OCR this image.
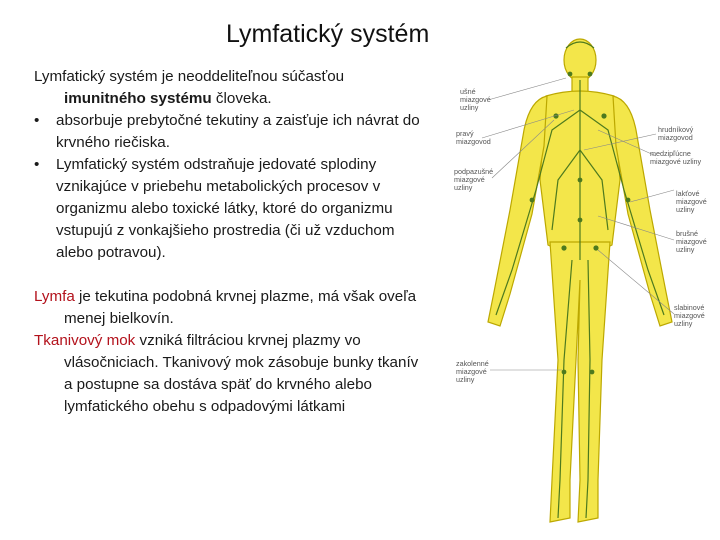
Lymfatický systém

Lymfatický systém je neoddeliteľnou súčasťou
imunitného systému človeka.

• absorbuje prebytočné tekutiny a zaisťuje ich návrat do krvného riečiska.

• Lymfatický systém odstraňuje jedovaté splodiny vznikajúce v priebehu metabolických procesov v organizmu alebo toxické látky, ktoré do organizmu vstupujú z vonkajšieho prostredia (či už vzduchom alebo potravou).

Lymfa je tekutina podobná krvnej plazme, má však oveľa menej bielkovín.

Tkanivový mok vzniká filtráciou krvnej plazmy vo vlásočniciach. Tkanivový mok zásobuje bunky tkanív a postupne sa dostáva späť do krvného alebo lymfatického obehu s odpadovými látkami

ušné
miazgové
uzliny
pravý
miazgovod
podpazušné
miazgové
uzliny
zakolenné
miazgové
uzliny
hrudníkový
miazgovod
medzipľúcne
miazgové uzliny
lakťové
miazgové
uzliny
brušné
miazgové
uzliny
slabinové
miazgové
uzliny
